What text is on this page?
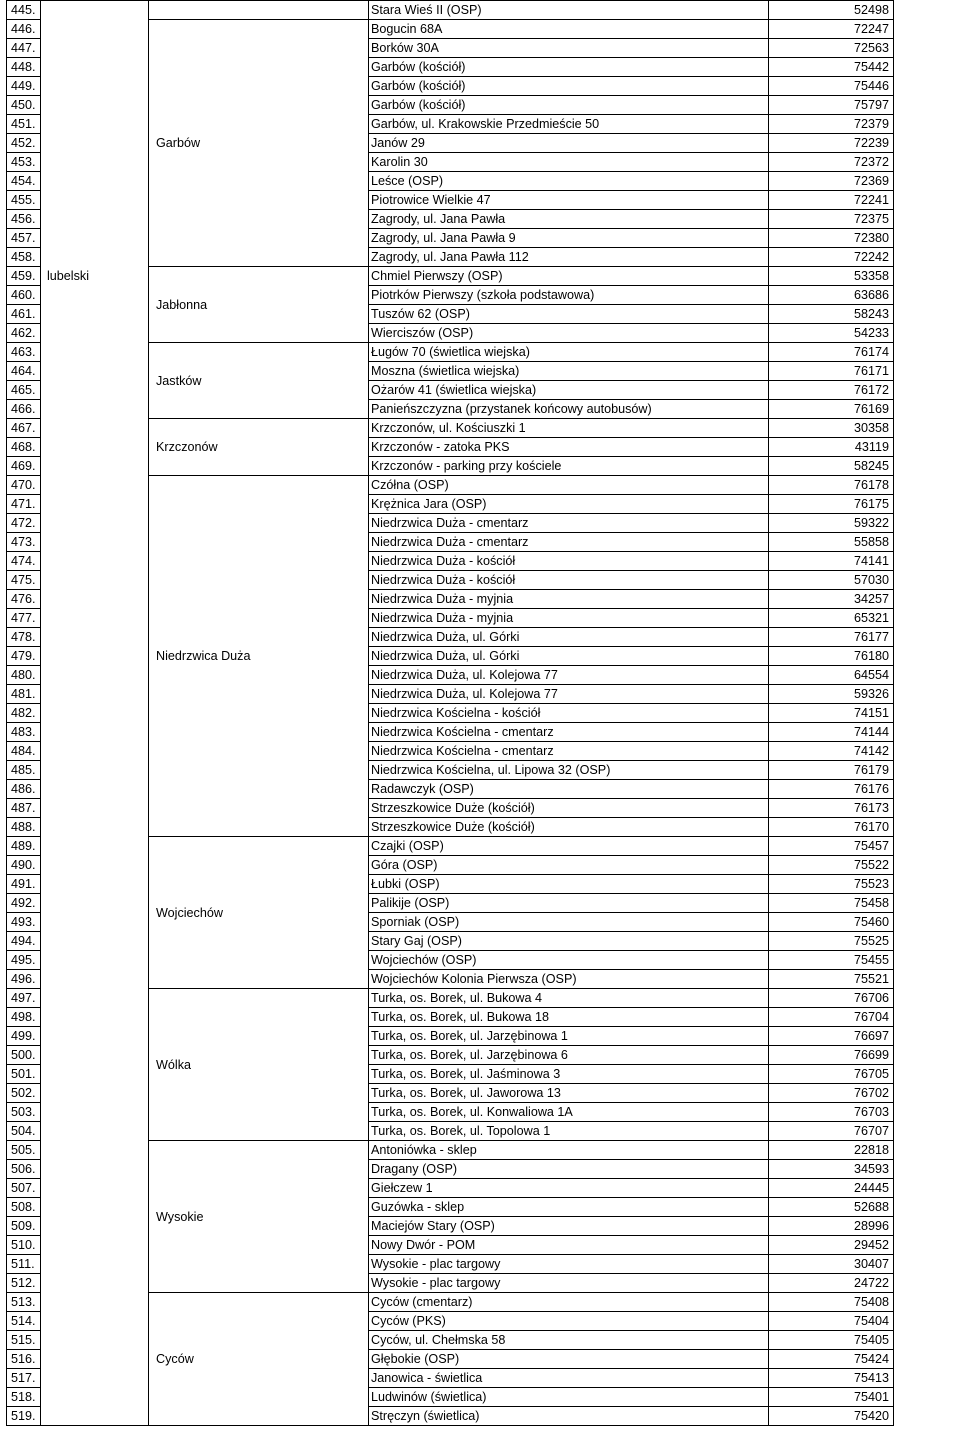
445.			Stara Wieś II (OSP)	52498
446.		Garbów	Bogucin 68A	72247
447.			Borków 30A	72563
448.			Garbów (kościół)	75442
449.			Garbów (kościół)	75446
450.			Garbów (kościół)	75797
451.			Garbów, ul. Krakowskie Przedmieście 50	72379
452.			Janów 29	72239
453.			Karolin 30	72372
454.			Leśce (OSP)	72369
455.			Piotrowice Wielkie 47	72241
456.			Zagrody, ul. Jana Pawła	72375
457.			Zagrody, ul. Jana Pawła 9	72380
458.			Zagrody, ul. Jana Pawła 112	72242
459.	lubelski	Jabłonna	Chmiel Pierwszy (OSP)	53358
460.			Piotrków Pierwszy (szkoła podstawowa)	63686
461.			Tuszów 62 (OSP)	58243
462.			Wierciszów (OSP)	54233
463.		Jastków	Ługów 70 (świetlica wiejska)	76174
464.			Moszna (świetlica wiejska)	76171
465.			Ożarów 41 (świetlica wiejska)	76172
466.			Panieńszczyzna (przystanek końcowy autobusów)	76169
467.		Krzczonów	Krzczonów, ul. Kościuszki 1	30358
468.			Krzczonów - zatoka PKS	43119
469.			Krzczonów - parking przy kościele	58245
470.		Niedrzwica Duża	Czółna (OSP)	76178
471.			Krężnica Jara (OSP)	76175
472.			Niedrzwica Duża - cmentarz	59322
473.			Niedrzwica Duża - cmentarz	55858
474.			Niedrzwica Duża - kościół	74141
475.			Niedrzwica Duża - kościół	57030
476.			Niedrzwica Duża - myjnia	34257
477.			Niedrzwica Duża - myjnia	65321
478.			Niedrzwica Duża, ul. Górki	76177
479.			Niedrzwica Duża, ul. Górki	76180
480.			Niedrzwica Duża, ul. Kolejowa 77	64554
481.			Niedrzwica Duża, ul. Kolejowa 77	59326
482.			Niedrzwica Kościelna - kościół	74151
483.			Niedrzwica Kościelna - cmentarz	74144
484.			Niedrzwica Kościelna - cmentarz	74142
485.			Niedrzwica Kościelna, ul. Lipowa 32 (OSP)	76179
486.			Radawczyk (OSP)	76176
487.			Strzeszkowice Duże (kościół)	76173
488.			Strzeszkowice Duże (kościół)	76170
489.		Wojciechów	Czajki (OSP)	75457
490.			Góra (OSP)	75522
491.			Łubki (OSP)	75523
492.			Palikije (OSP)	75458
493.			Sporniak (OSP)	75460
494.			Stary Gaj (OSP)	75525
495.			Wojciechów (OSP)	75455
496.			Wojciechów Kolonia Pierwsza (OSP)	75521
497.		Wólka	Turka, os. Borek, ul. Bukowa 4	76706
498.			Turka, os. Borek, ul. Bukowa 18	76704
499.			Turka, os. Borek, ul. Jarzębinowa 1	76697
500.			Turka, os. Borek, ul. Jarzębinowa 6	76699
501.			Turka, os. Borek, ul. Jaśminowa 3	76705
502.			Turka, os. Borek, ul. Jaworowa 13	76702
503.			Turka, os. Borek, ul. Konwaliowa 1A	76703
504.			Turka, os. Borek, ul. Topolowa 1	76707
505.		Wysokie	Antoniówka - sklep	22818
506.			Dragany (OSP)	34593
507.			Giełczew 1	24445
508.			Guzówka - sklep	52688
509.			Maciejów Stary (OSP)	28996
510.			Nowy Dwór - POM	29452
511.			Wysokie - plac targowy	30407
512.			Wysokie - plac targowy	24722
513.		Cyców	Cyców (cmentarz)	75408
514.			Cyców (PKS)	75404
515.			Cyców, ul. Chełmska 58	75405
516.			Głębokie (OSP)	75424
517.			Janowica - świetlica	75413
518.			Ludwinów (świetlica)	75401
519.			Stręczyn (świetlica)	75420
